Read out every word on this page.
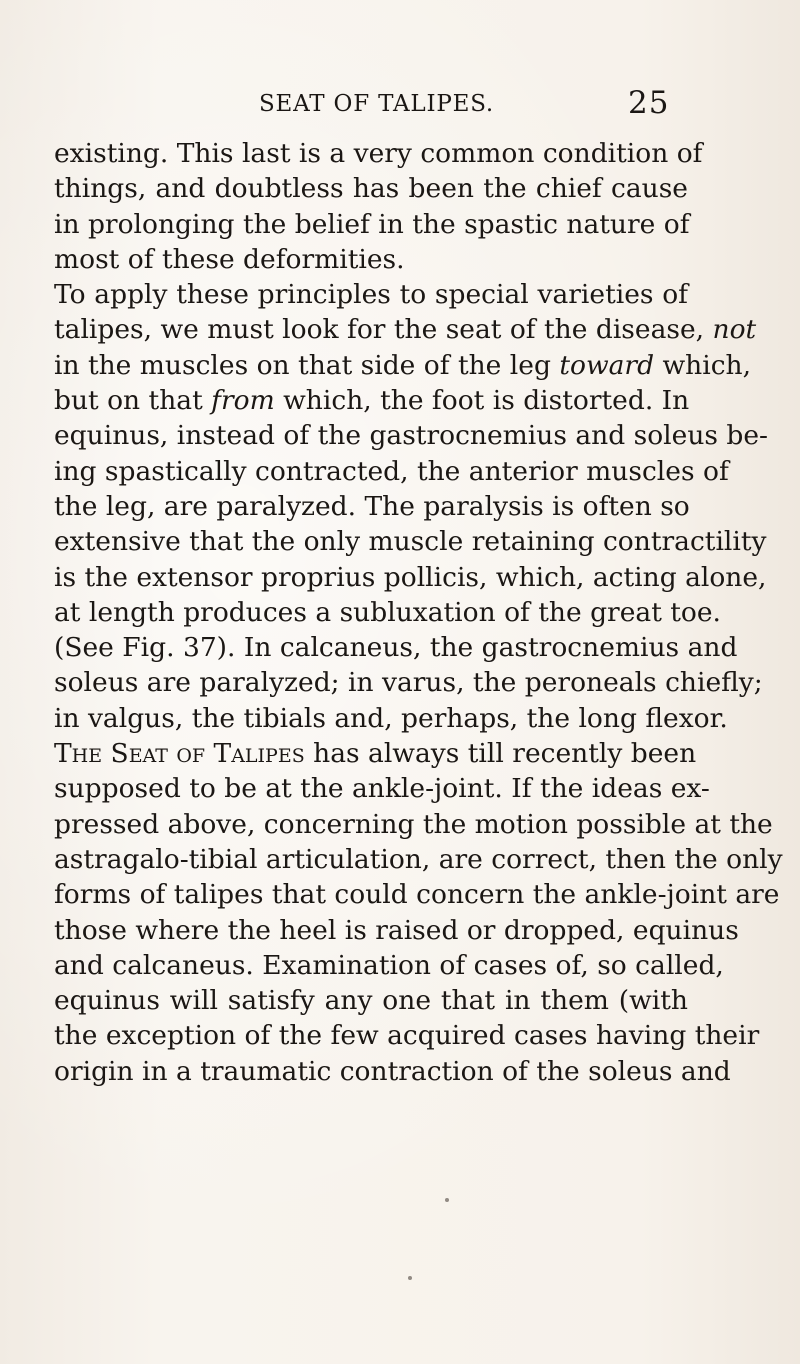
SEAT OF TALIPES.	25

existing. This last is a very common condition of
things, and doubtless has been the chief cause
in prolonging the belief in the spastic nature of
most of these deformities.

To apply these principles to special varieties of
talipes, we must look for the seat of the disease, not
in the muscles on that side of the leg toward which,
but on that from which, the foot is distorted. In
equinus, instead of the gastrocnemius and soleus be-
ing spastically contracted, the anterior muscles of
the leg, are paralyzed. The paralysis is often so
extensive that the only muscle retaining contractility
is the extensor proprius pollicis, which, acting alone,
at length produces a subluxation of the great toe.
(See Fig. 37). In calcaneus, the gastrocnemius and
soleus are paralyzed; in varus, the peroneals chiefly;
in valgus, the tibials and, perhaps, the long flexor.

The Seat of Talipes has always till recently been
supposed to be at the ankle-joint. If the ideas ex-
pressed above, concerning the motion possible at the
astragalo-tibial articulation, are correct, then the only
forms of talipes that could concern the ankle-joint are
those where the heel is raised or dropped, equinus
and calcaneus. Examination of cases of, so called,
equinus will satisfy any one that in them (with
the exception of the few acquired cases having their
origin in a traumatic contraction of the soleus and
